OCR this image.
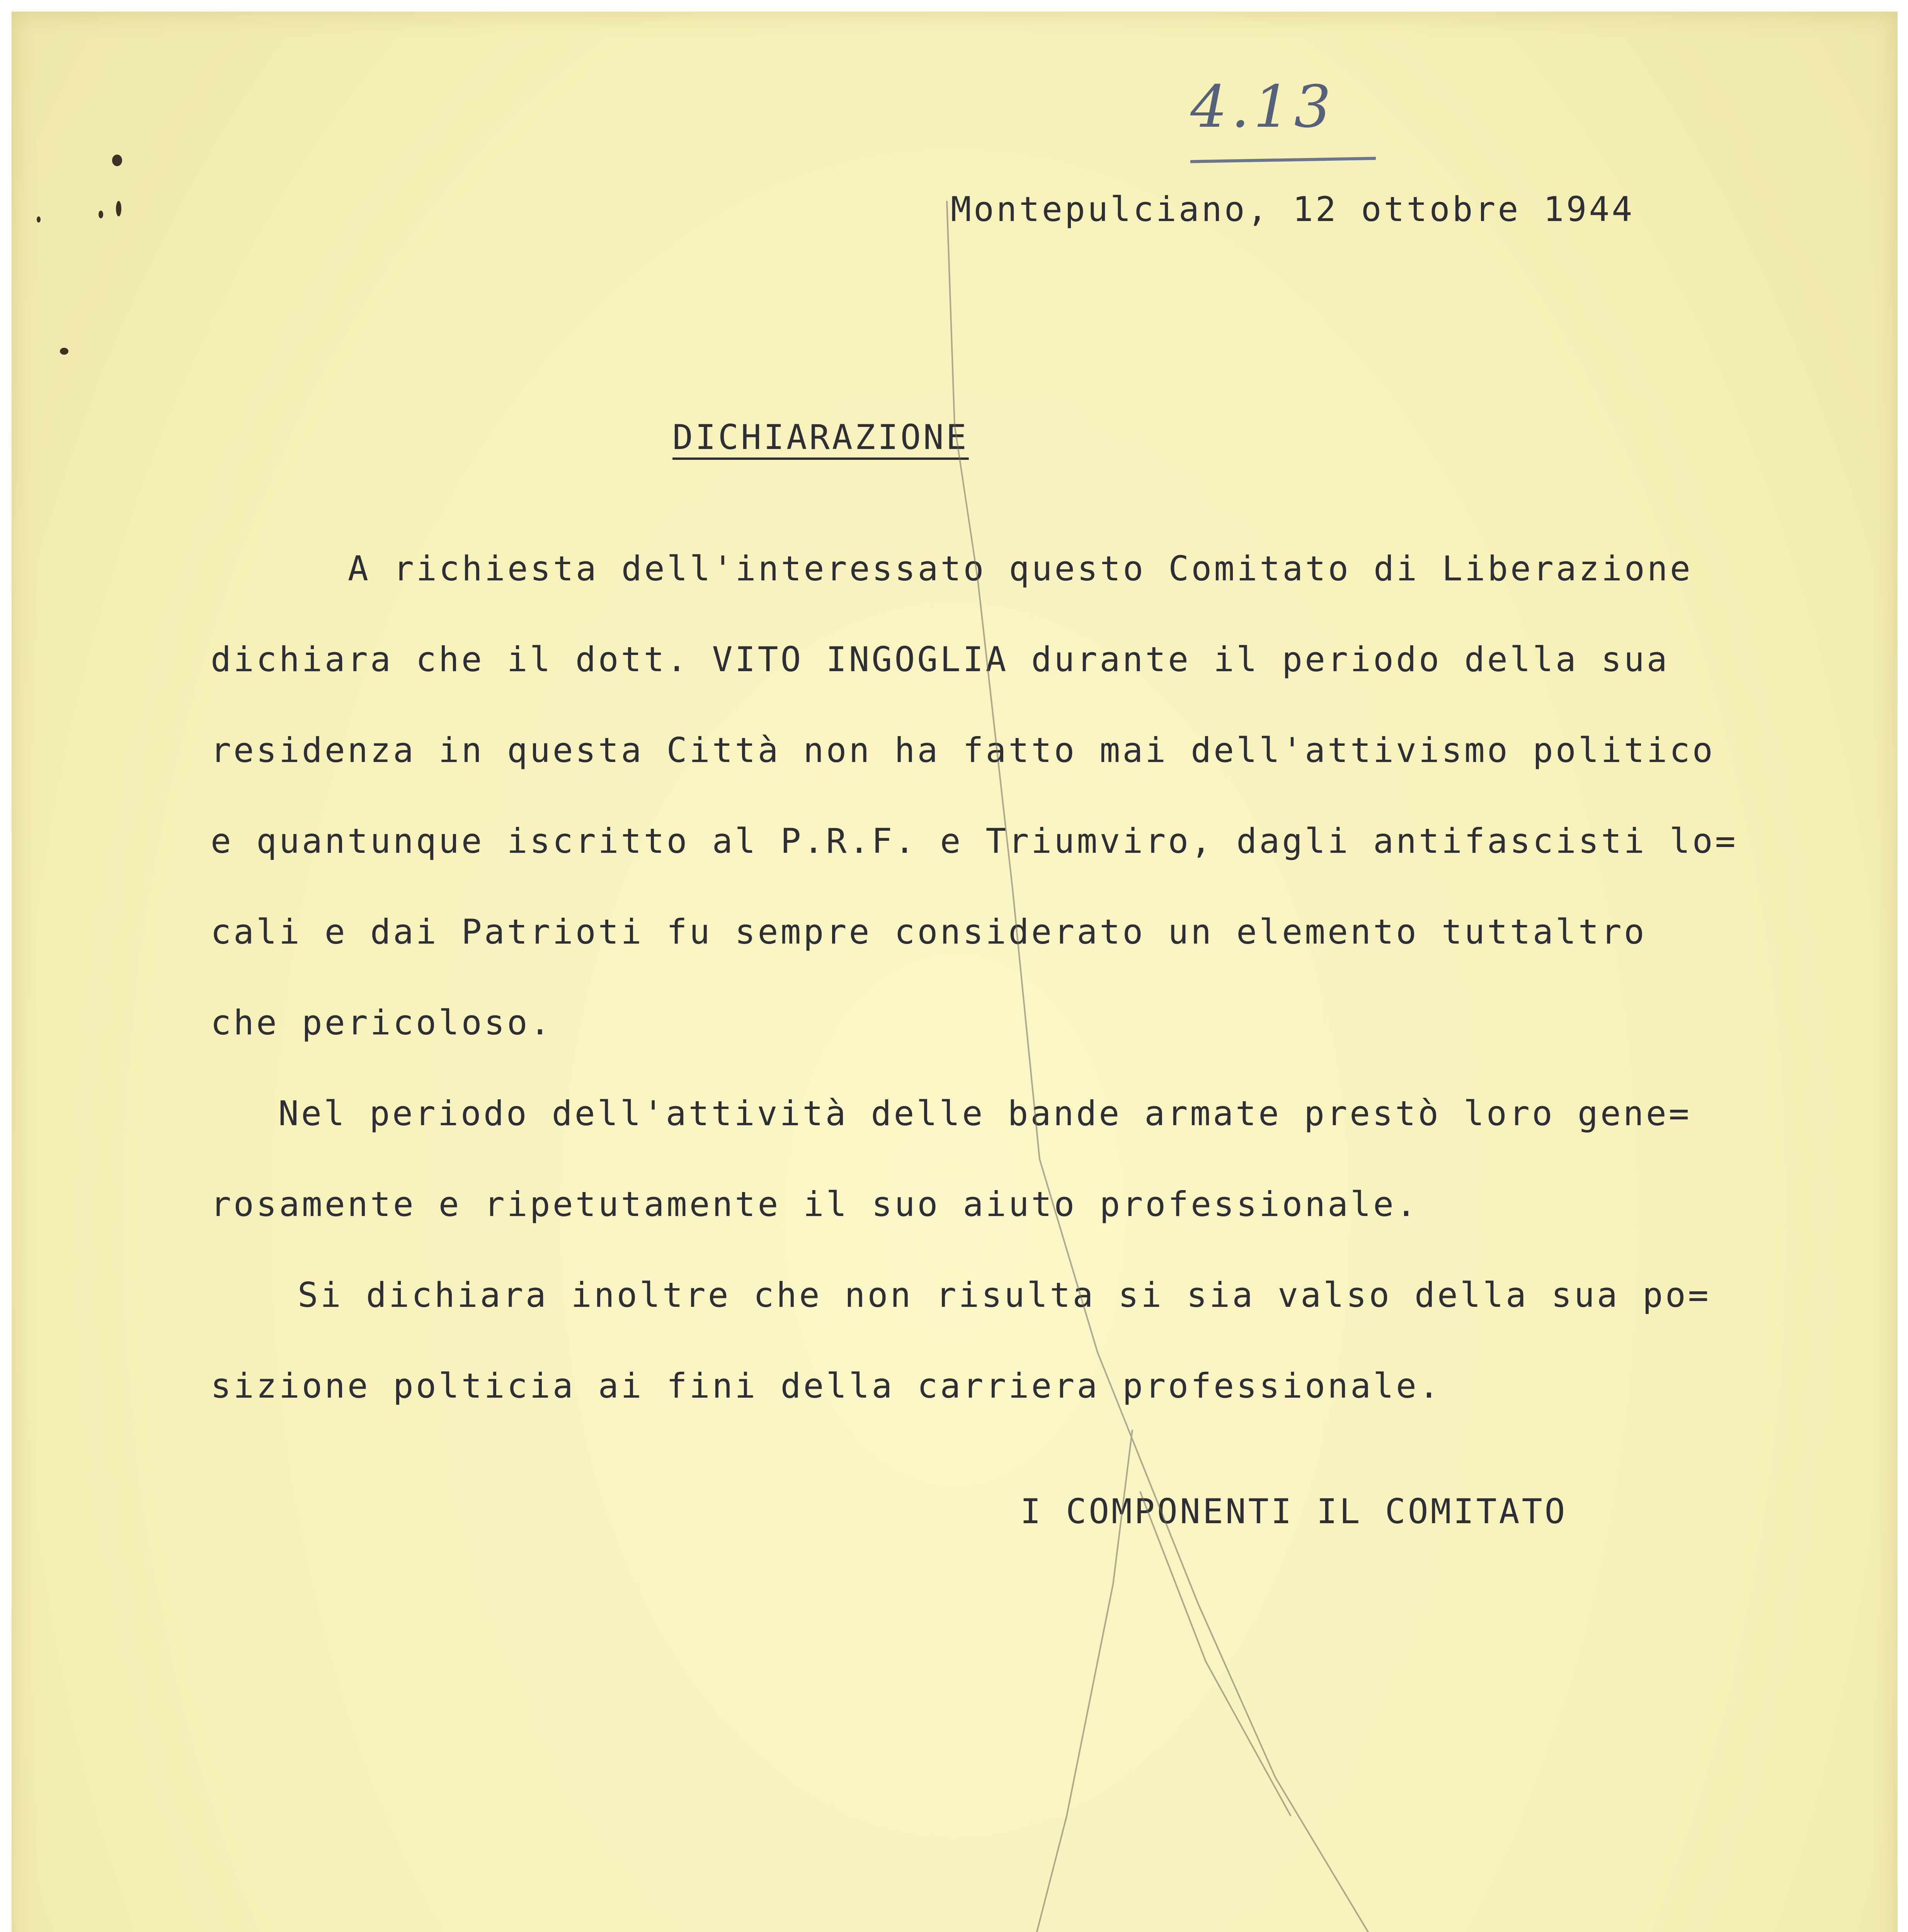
4.13
Montepulciano, 12 ottobre 1944
DICHIARAZIONE
A richiesta dell'interessato questo Comitato di Liberazione
dichiara che il dott. VITO INGOGLIA durante il periodo della sua
residenza in questa Città non ha fatto mai dell'attivismo politico
e quantunque iscritto al P.R.F. e Triumviro, dagli antifascisti lo=
cali e dai Patrioti fu sempre considerato un elemento tuttaltro
che pericoloso.
Nel periodo dell'attività delle bande armate prestò loro gene=
rosamente e ripetutamente il suo aiuto professionale.
Si dichiara inoltre che non risulta si sia valso della sua po=
sizione polticia ai fini della carriera professionale.
I COMPONENTI IL COMITATO
